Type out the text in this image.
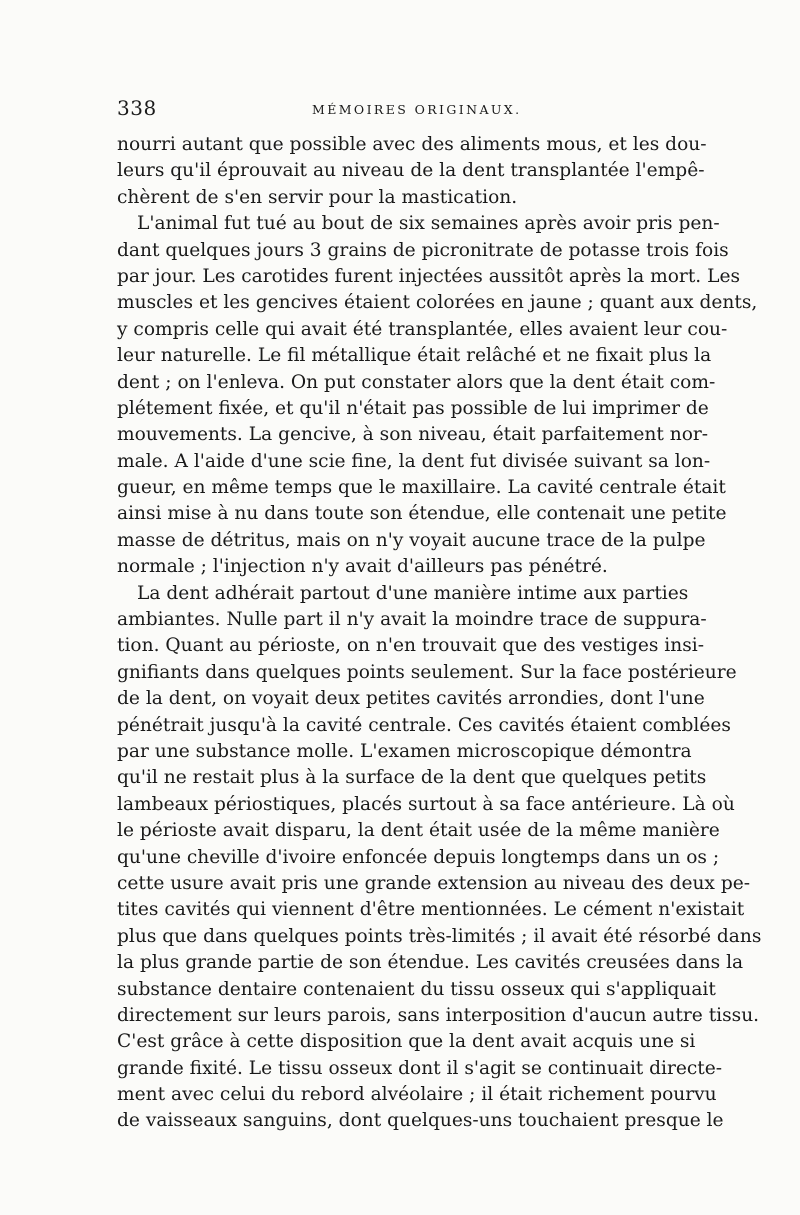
338	MÉMOIRES ORIGINAUX.
nourri autant que possible avec des aliments mous, et les dou-
leurs qu'il éprouvait au niveau de la dent transplantée l'empê-
chèrent de s'en servir pour la mastication.
L'animal fut tué au bout de six semaines après avoir pris pen-
dant quelques jours 3 grains de picronitrate de potasse trois fois
par jour. Les carotides furent injectées aussitôt après la mort. Les
muscles et les gencives étaient colorées en jaune ; quant aux dents,
y compris celle qui avait été transplantée, elles avaient leur cou-
leur naturelle. Le fil métallique était relâché et ne fixait plus la
dent ; on l'enleva. On put constater alors que la dent était com-
plétement fixée, et qu'il n'était pas possible de lui imprimer de
mouvements. La gencive, à son niveau, était parfaitement nor-
male. A l'aide d'une scie fine, la dent fut divisée suivant sa lon-
gueur, en même temps que le maxillaire. La cavité centrale était
ainsi mise à nu dans toute son étendue, elle contenait une petite
masse de détritus, mais on n'y voyait aucune trace de la pulpe
normale ; l'injection n'y avait d'ailleurs pas pénétré.
La dent adhérait partout d'une manière intime aux parties
ambiantes. Nulle part il n'y avait la moindre trace de suppura-
tion. Quant au périoste, on n'en trouvait que des vestiges insi-
gnifiants dans quelques points seulement. Sur la face postérieure
de la dent, on voyait deux petites cavités arrondies, dont l'une
pénétrait jusqu'à la cavité centrale. Ces cavités étaient comblées
par une substance molle. L'examen microscopique démontra
qu'il ne restait plus à la surface de la dent que quelques petits
lambeaux périostiques, placés surtout à sa face antérieure. Là où
le périoste avait disparu, la dent était usée de la même manière
qu'une cheville d'ivoire enfoncée depuis longtemps dans un os ;
cette usure avait pris une grande extension au niveau des deux pe-
tites cavités qui viennent d'être mentionnées. Le cément n'existait
plus que dans quelques points très-limités ; il avait été résorbé dans
la plus grande partie de son étendue. Les cavités creusées dans la
substance dentaire contenaient du tissu osseux qui s'appliquait
directement sur leurs parois, sans interposition d'aucun autre tissu.
C'est grâce à cette disposition que la dent avait acquis une si
grande fixité. Le tissu osseux dont il s'agit se continuait directe-
ment avec celui du rebord alvéolaire ; il était richement pourvu
de vaisseaux sanguins, dont quelques-uns touchaient presque le
